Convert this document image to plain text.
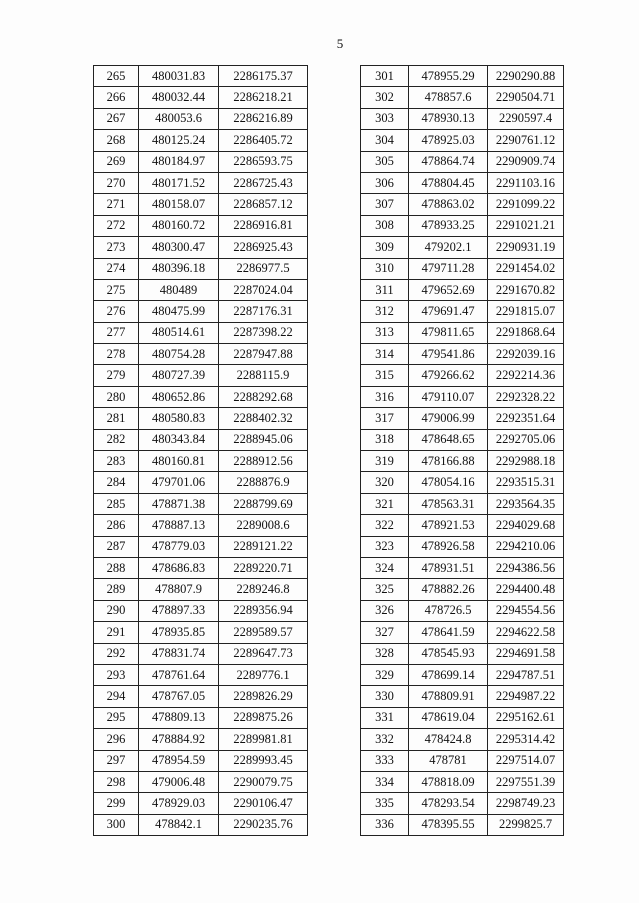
5
265	480031.83	2286175.37
266	480032.44	2286218.21
267	480053.6	2286216.89
268	480125.24	2286405.72
269	480184.97	2286593.75
270	480171.52	2286725.43
271	480158.07	2286857.12
272	480160.72	2286916.81
273	480300.47	2286925.43
274	480396.18	2286977.5
275	480489	2287024.04
276	480475.99	2287176.31
277	480514.61	2287398.22
278	480754.28	2287947.88
279	480727.39	2288115.9
280	480652.86	2288292.68
281	480580.83	2288402.32
282	480343.84	2288945.06
283	480160.81	2288912.56
284	479701.06	2288876.9
285	478871.38	2288799.69
286	478887.13	2289008.6
287	478779.03	2289121.22
288	478686.83	2289220.71
289	478807.9	2289246.8
290	478897.33	2289356.94
291	478935.85	2289589.57
292	478831.74	2289647.73
293	478761.64	2289776.1
294	478767.05	2289826.29
295	478809.13	2289875.26
296	478884.92	2289981.81
297	478954.59	2289993.45
298	479006.48	2290079.75
299	478929.03	2290106.47
300	478842.1	2290235.76
301	478955.29	2290290.88
302	478857.6	2290504.71
303	478930.13	2290597.4
304	478925.03	2290761.12
305	478864.74	2290909.74
306	478804.45	2291103.16
307	478863.02	2291099.22
308	478933.25	2291021.21
309	479202.1	2290931.19
310	479711.28	2291454.02
311	479652.69	2291670.82
312	479691.47	2291815.07
313	479811.65	2291868.64
314	479541.86	2292039.16
315	479266.62	2292214.36
316	479110.07	2292328.22
317	479006.99	2292351.64
318	478648.65	2292705.06
319	478166.88	2292988.18
320	478054.16	2293515.31
321	478563.31	2293564.35
322	478921.53	2294029.68
323	478926.58	2294210.06
324	478931.51	2294386.56
325	478882.26	2294400.48
326	478726.5	2294554.56
327	478641.59	2294622.58
328	478545.93	2294691.58
329	478699.14	2294787.51
330	478809.91	2294987.22
331	478619.04	2295162.61
332	478424.8	2295314.42
333	478781	2297514.07
334	478818.09	2297551.39
335	478293.54	2298749.23
336	478395.55	2299825.7
